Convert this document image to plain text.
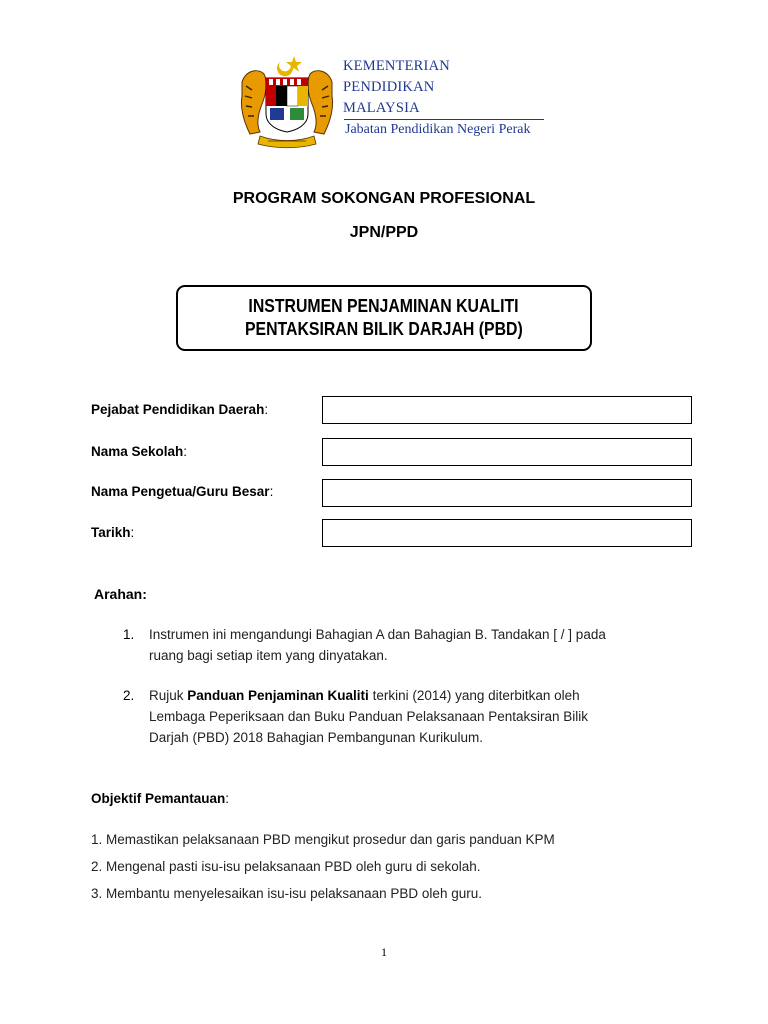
KEMENTERIAN
PENDIDIKAN
MALAYSIA
Jabatan Pendidikan Negeri Perak
PROGRAM SOKONGAN PROFESIONAL
JPN/PPD
INSTRUMEN PENJAMINAN KUALITI
PENTAKSIRAN BILIK DARJAH (PBD)
Pejabat Pendidikan Daerah:
Nama Sekolah:
Nama Pengetua/Guru Besar:
Tarikh:
Arahan:
1. Instrumen ini mengandungi Bahagian A dan Bahagian B. Tandakan [ / ] pada
ruang bagi setiap item yang dinyatakan.
2. Rujuk Panduan Penjaminan Kualiti terkini (2014) yang diterbitkan oleh
Lembaga Peperiksaan dan Buku Panduan Pelaksanaan Pentaksiran Bilik
Darjah (PBD) 2018 Bahagian Pembangunan Kurikulum.
Objektif Pemantauan:
1. Memastikan pelaksanaan PBD mengikut prosedur dan garis panduan KPM
2. Mengenal pasti isu-isu pelaksanaan PBD oleh guru di sekolah.
3. Membantu menyelesaikan isu-isu pelaksanaan PBD oleh guru.
1
